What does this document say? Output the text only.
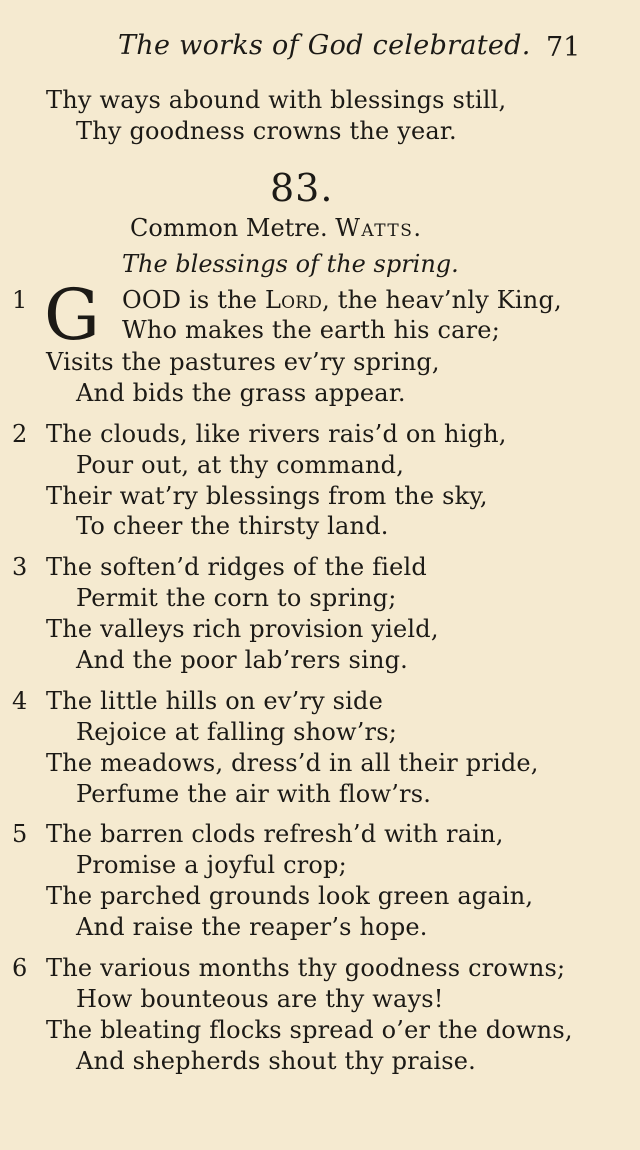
The works of God celebrated. 71
Thy ways abound with blessings still,
Thy goodness crowns the year.
83.
Common Metre. Watts.
The blessings of the spring.
1 G OOD is the Lord, the heav’nly King,
Who makes the earth his care;
Visits the pastures ev’ry spring,
And bids the grass appear.
2 The clouds, like rivers rais’d on high,
Pour out, at thy command,
Their wat’ry blessings from the sky,
To cheer the thirsty land.
3 The soften’d ridges of the field
Permit the corn to spring;
The valleys rich provision yield,
And the poor lab’rers sing.
4 The little hills on ev’ry side
Rejoice at falling show’rs;
The meadows, dress’d in all their pride,
Perfume the air with flow’rs.
5 The barren clods refresh’d with rain,
Promise a joyful crop;
The parched grounds look green again,
And raise the reaper’s hope.
6 The various months thy goodness crowns;
How bounteous are thy ways!
The bleating flocks spread o’er the downs,
And shepherds shout thy praise.
